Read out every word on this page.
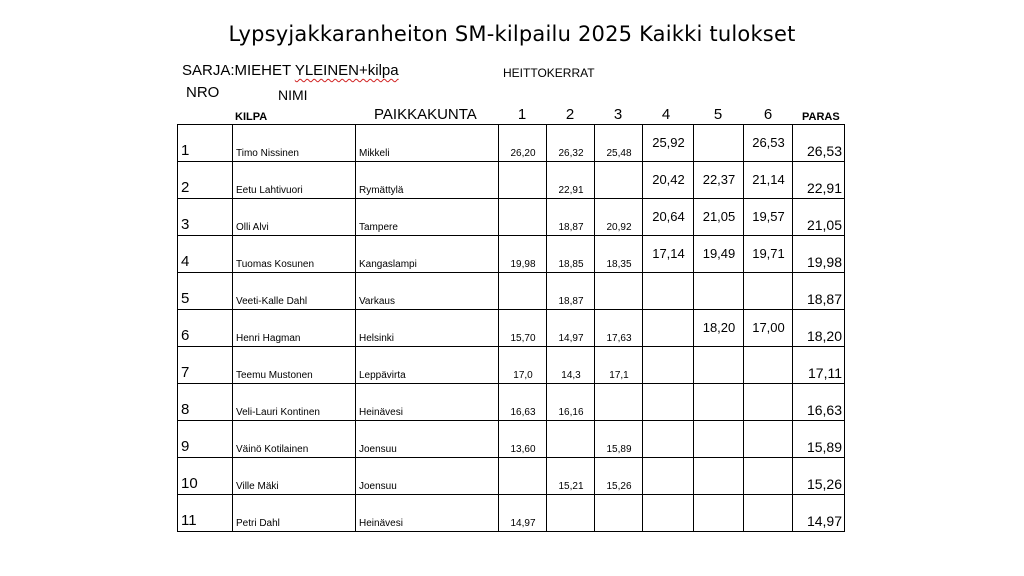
Lypsyjakkaranheiton SM-kilpailu 2025 Kaikki tulokset
SARJA:MIEHET YLEINEN+kilpa	HEITTOKERRAT
NRO	NIMI
KILPA	PAIKKAKUNTA	1	2	3	4	5	6	PARAS
1	Timo Nissinen	Mikkeli	26,20	26,32	25,48	25,92		26,53	26,53
2	Eetu Lahtivuori	Rymättylä		22,91		20,42	22,37	21,14	22,91
3	Olli Alvi	Tampere		18,87	20,92	20,64	21,05	19,57	21,05
4	Tuomas Kosunen	Kangaslampi	19,98	18,85	18,35	17,14	19,49	19,71	19,98
5	Veeti-Kalle Dahl	Varkaus		18,87					18,87
6	Henri Hagman	Helsinki	15,70	14,97	17,63		18,20	17,00	18,20
7	Teemu Mustonen	Leppävirta	17,0	14,3	17,1				17,11
8	Veli-Lauri Kontinen	Heinävesi	16,63	16,16					16,63
9	Väinö Kotilainen	Joensuu	13,60		15,89				15,89
10	Ville Mäki	Joensuu		15,21	15,26				15,26
11	Petri Dahl	Heinävesi	14,97						14,97
